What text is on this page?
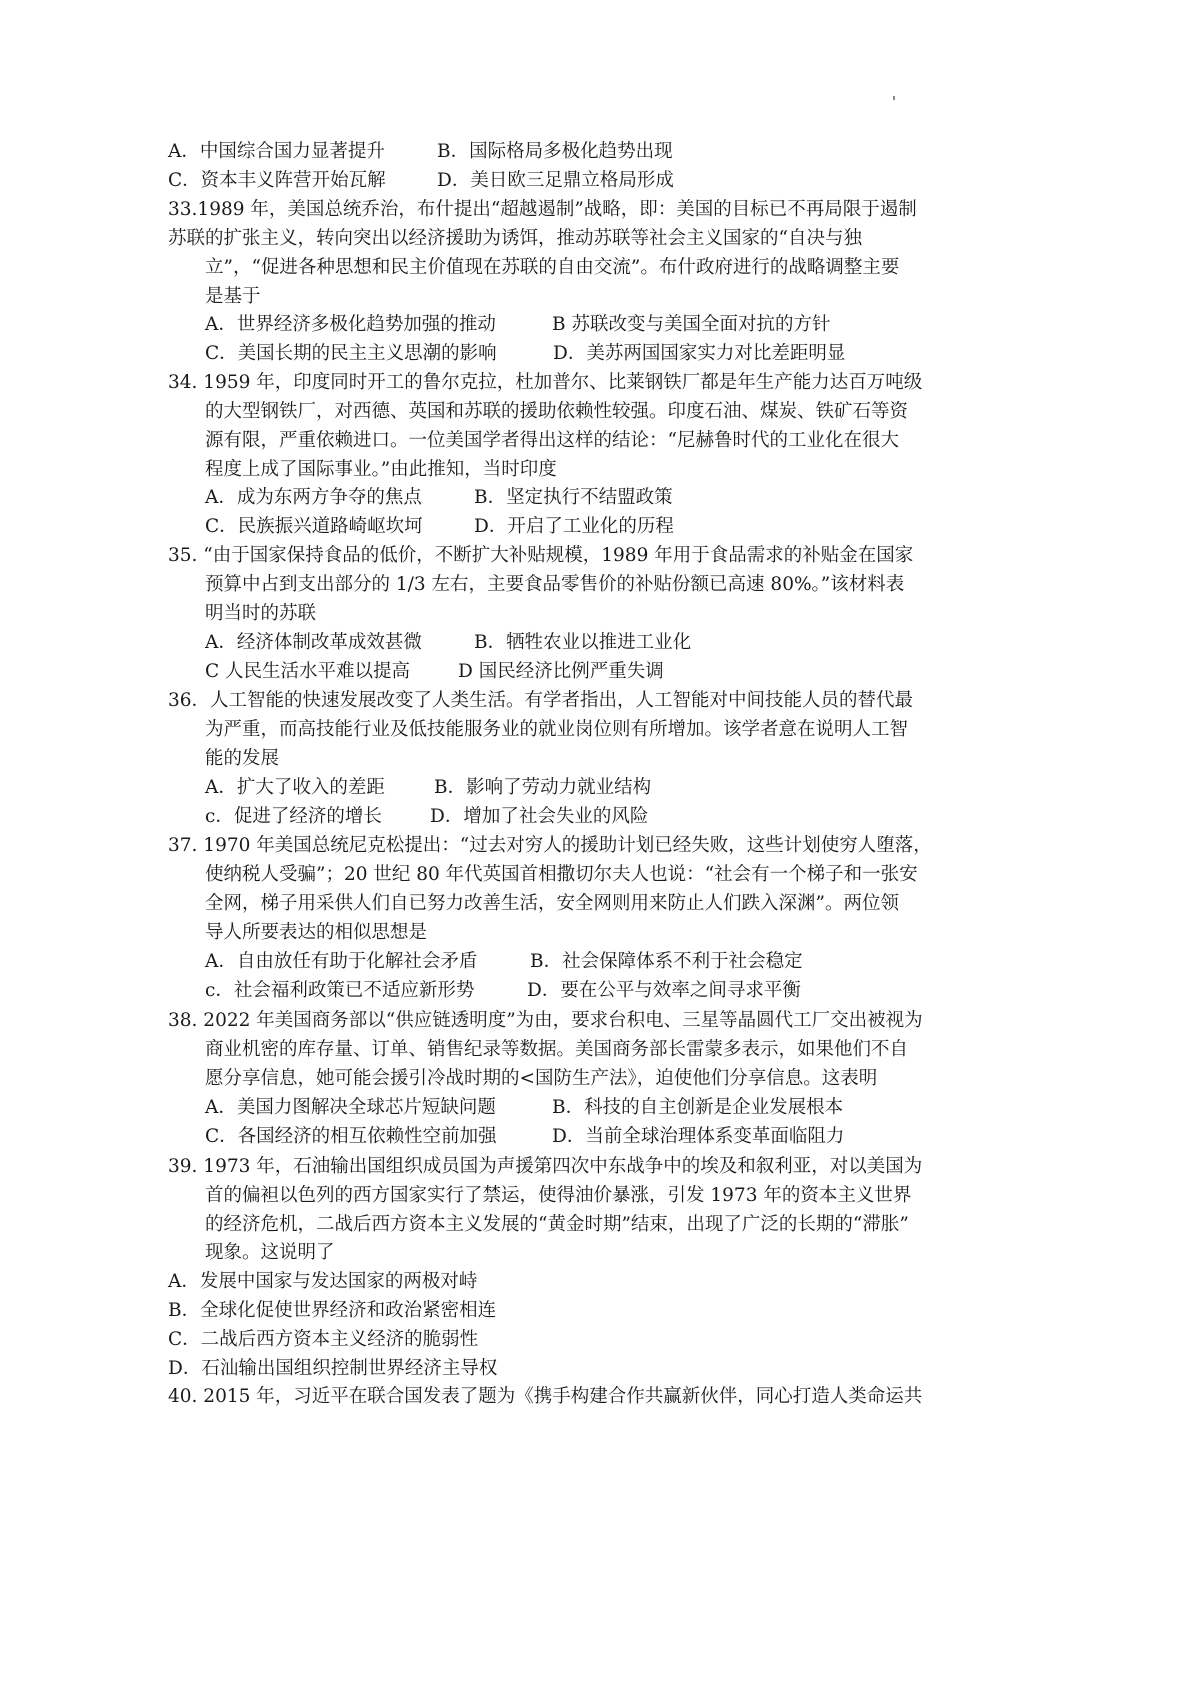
A．中国综合国力显著提升	B．国际格局多极化趋势出现
C．资本丰义阵营开始瓦解	D．美日欧三足鼎立格局形成
33.1989 年，美国总统乔治，布什提出“超越遏制”战略，即：美国的目标已不再局限于遏制
苏联的扩张主义，转向突出以经济援助为诱饵，推动苏联等社会主义国家的“自决与独
立”，“促进各种思想和民主价值现在苏联的自由交流”。布什政府进行的战略调整主要
是基于
A．世界经济多极化趋势加强的推动	B 苏联改变与美国全面对抗的方针
C．美国长期的民主主义思潮的影响	D．美苏两国国家实力对比差距明显
34. 1959 年，印度同时开工的鲁尔克拉，杜加普尔、比莱钢铁厂都是年生产能力达百万吨级
的大型钢铁厂，对西德、英国和苏联的援助依赖性较强。印度石油、煤炭、铁矿石等资
源有限，严重依赖进口。一位美国学者得出这样的结论：“尼赫鲁时代的工业化在很大
程度上成了国际事业。”由此推知，当时印度
A．成为东两方争夺的焦点	B．坚定执行不结盟政策
C．民族振兴道路崎岖坎坷	D．开启了工业化的历程
35. “由于国家保持食品的低价，不断扩大补贴规模，1989 年用于食品需求的补贴金在国家
预算中占到支出部分的 1/3 左右，主要食品零售价的补贴份额已高速 80%。”该材料表
明当时的苏联
A．经济体制改革成效甚微	B．牺牲农业以推进工业化
C 人民生活水平难以提高	D 国民经济比例严重失调
36．人工智能的快速发展改变了人类生活。有学者指出，人工智能对中间技能人员的替代最
为严重，而高技能行业及低技能服务业的就业岗位则有所增加。该学者意在说明人工智
能的发展
A．扩大了收入的差距	B．影响了劳动力就业结构
c．促进了经济的增长	D．增加了社会失业的风险
37. 1970 年美国总统尼克松提出：“过去对穷人的援助计划已经失败，这些计划使穷人堕落，
使纳税人受骗”；20 世纪 80 年代英国首相撒切尔夫人也说：“社会有一个梯子和一张安
全网，梯子用采供人们自已努力改善生活，安全网则用来防止人们跌入深渊”。两位领
导人所要表达的相似思想是
A．自由放任有助于化解社会矛盾	B．社会保障体系不利于社会稳定
c．社会福利政策已不适应新形势	D．要在公平与效率之间寻求平衡
38. 2022 年美国商务部以“供应链透明度”为由，要求台积电、三星等晶圆代工厂交出被视为
商业机密的库存量、订单、销售纪录等数据。美国商务部长雷蒙多表示，如果他们不自
愿分享信息，她可能会援引冷战时期的<国防生产法》，迫使他们分享信息。这表明
A．美国力图解决全球芯片短缺问题	B．科技的自主创新是企业发展根本
C．各国经济的相互依赖性空前加强	D．当前全球治理体系变革面临阻力
39. 1973 年，石油输出国组织成员国为声援第四次中东战争中的埃及和叙利亚，对以美国为
首的偏袒以色列的西方国家实行了禁运，使得油价暴涨，引发 1973 年的资本主义世界
的经济危机，二战后西方资本主义发展的“黄金时期”结束，出现了广泛的长期的“滞胀”
现象。这说明了
A．发展中国家与发达国家的两极对峙
B．全球化促使世界经济和政治紧密相连
C．二战后西方资本主义经济的脆弱性
D．石汕输出国组织控制世界经济主导权
40. 2015 年，习近平在联合国发表了题为《携手构建合作共赢新伙伴，同心打造人类命运共
